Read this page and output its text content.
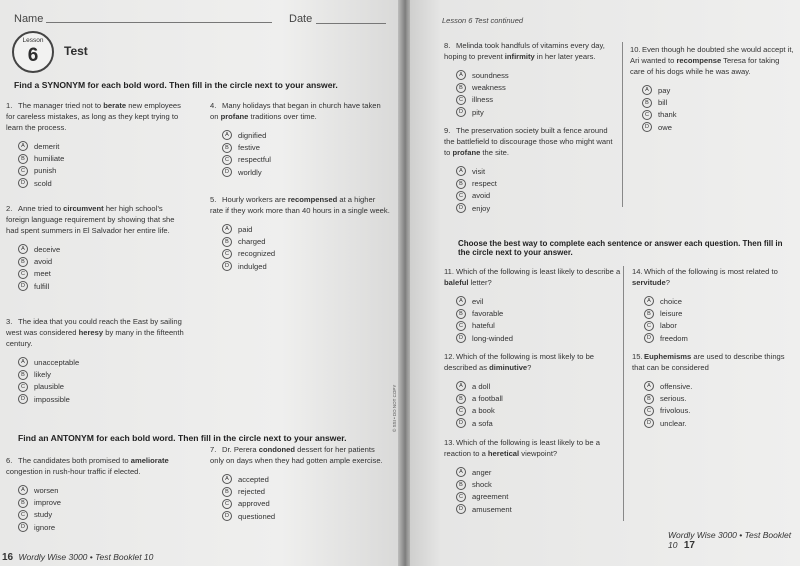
Name	Date
Lesson
6	Test
Find a SYNONYM for each bold word. Then fill in the circle next to your answer.
1. The manager tried not to berate new employees for careless mistakes, as long as they kept trying to learn the process.
A	demerit
B	humiliate
C	punish
D	scold
2. Anne tried to circumvent her high school’s foreign language requirement by showing that she had spent summers in El Salvador her entire life.
A	deceive
B	avoid
C	meet
D	fulfill
3. The idea that you could reach the East by sailing west was considered heresy by many in the fifteenth century.
A	unacceptable
B	likely
C	plausible
D	impossible
4. Many holidays that began in church have taken on profane traditions over time.
A	dignified
B	festive
C	respectful
D	worldly
5. Hourly workers are recompensed at a higher rate if they work more than 40 hours in a single week.
A	paid
B	charged
C	recognized
D	indulged
Find an ANTONYM for each bold word. Then fill in the circle next to your answer.
6. The candidates both promised to ameliorate congestion in rush-hour traffic if elected.
A	worsen
B	improve
C	study
D	ignore
7. Dr. Perera condoned dessert for her patients only on days when they had gotten ample exercise.
A	accepted
B	rejected
C	approved
D	questioned
© SSI • DO NOT COPY
16 Wordly Wise 3000 • Test Booklet 10
Lesson 6 Test continued
8. Melinda took handfuls of vitamins every day, hoping to prevent infirmity in her later years.
A	soundness
B	weakness
C	illness
D	pity
9. The preservation society built a fence around the battlefield to discourage those who might want to profane the site.
A	visit
B	respect
C	avoid
D	enjoy
10.Even though he doubted she would accept it, Ari wanted to recompense Teresa for taking care of his dogs while he was away.
A	pay
B	bill
C	thank
D	owe
Choose the best way to complete each sentence or answer each question. Then fill in the circle next to your answer.
11. Which of the following is least likely to describe a baleful letter?
A	evil
B	favorable
C	hateful
D	long-winded
12.Which of the following is most likely to be described as diminutive?
A	a doll
B	a football
C	a book
D	a sofa
13.Which of the following is least likely to be a reaction to a heretical viewpoint?
A	anger
B	shock
C	agreement
D	amusement
14.Which of the following is most related to servitude?
A	choice
B	leisure
C	labor
D	freedom
15.Euphemisms are used to describe things that can be considered
A	offensive.
B	serious.
C	frivolous.
D	unclear.
Wordly Wise 3000 • Test Booklet 10 17
